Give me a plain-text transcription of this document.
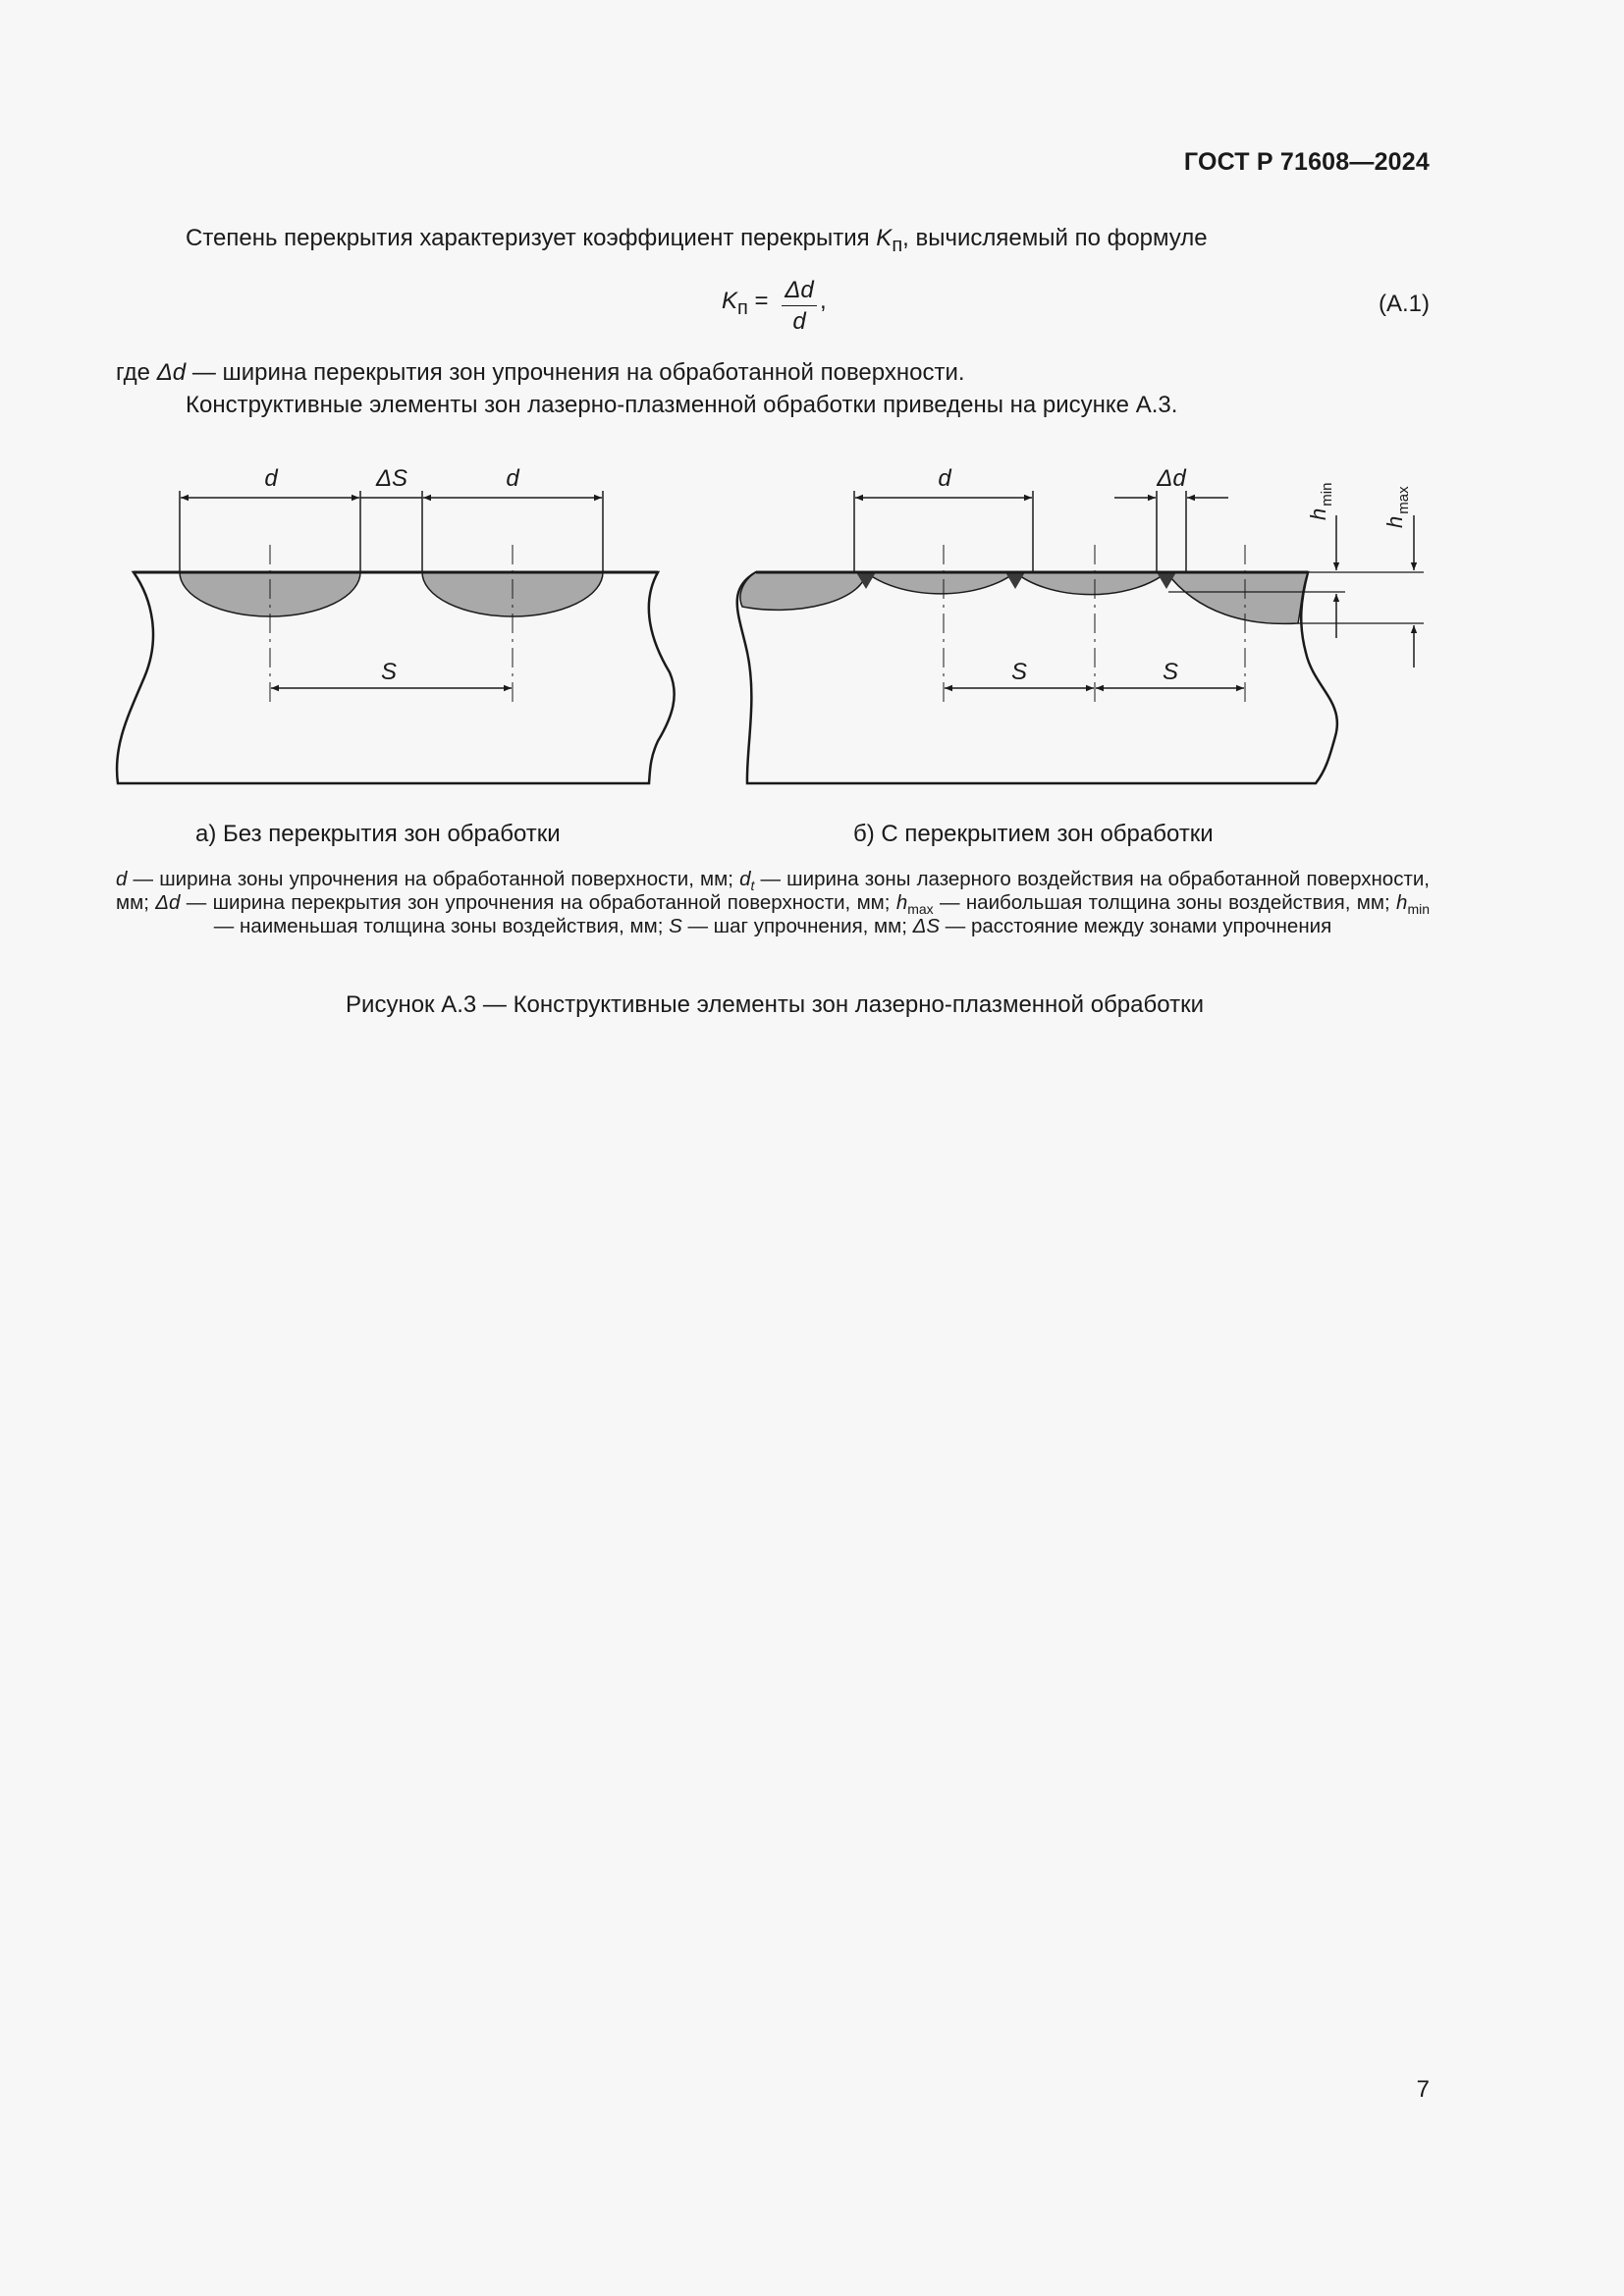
ГОСТ Р 71608—2024
Степень перекрытия характеризует коэффициент перекрытия $K_п$, вычисляемый по формуле
$K_п = \Delta d$
d
,	(А.1)
где Δd — ширина перекрытия зон упрочнения на обработанной поверхности.
Конструктивные элементы зон лазерно-плазменной обработки приведены на рисунке А.3.
d	ΔS	d
S
d	Δd
S	S
$h_{min}$
$h_{max}$
а) Без перекрытия зон обработки	б) С перекрытием зон обработки
d — ширина зоны упрочнения на обработанной поверхности, мм; $d_t$ — ширина зоны лазерного воздействия на обработанной поверхности, мм; Δd — ширина перекрытия зон упрочнения на обработанной поверхности, мм; $h_{max}$ — наибольшая толщина зоны воздействия, мм; $h_{min}$ — наименьшая толщина зоны воздействия, мм; S — шаг упрочнения, мм; ΔS — расстояние между зонами упрочнения
Рисунок А.3 — Конструктивные элементы зон лазерно-плазменной обработки
7
